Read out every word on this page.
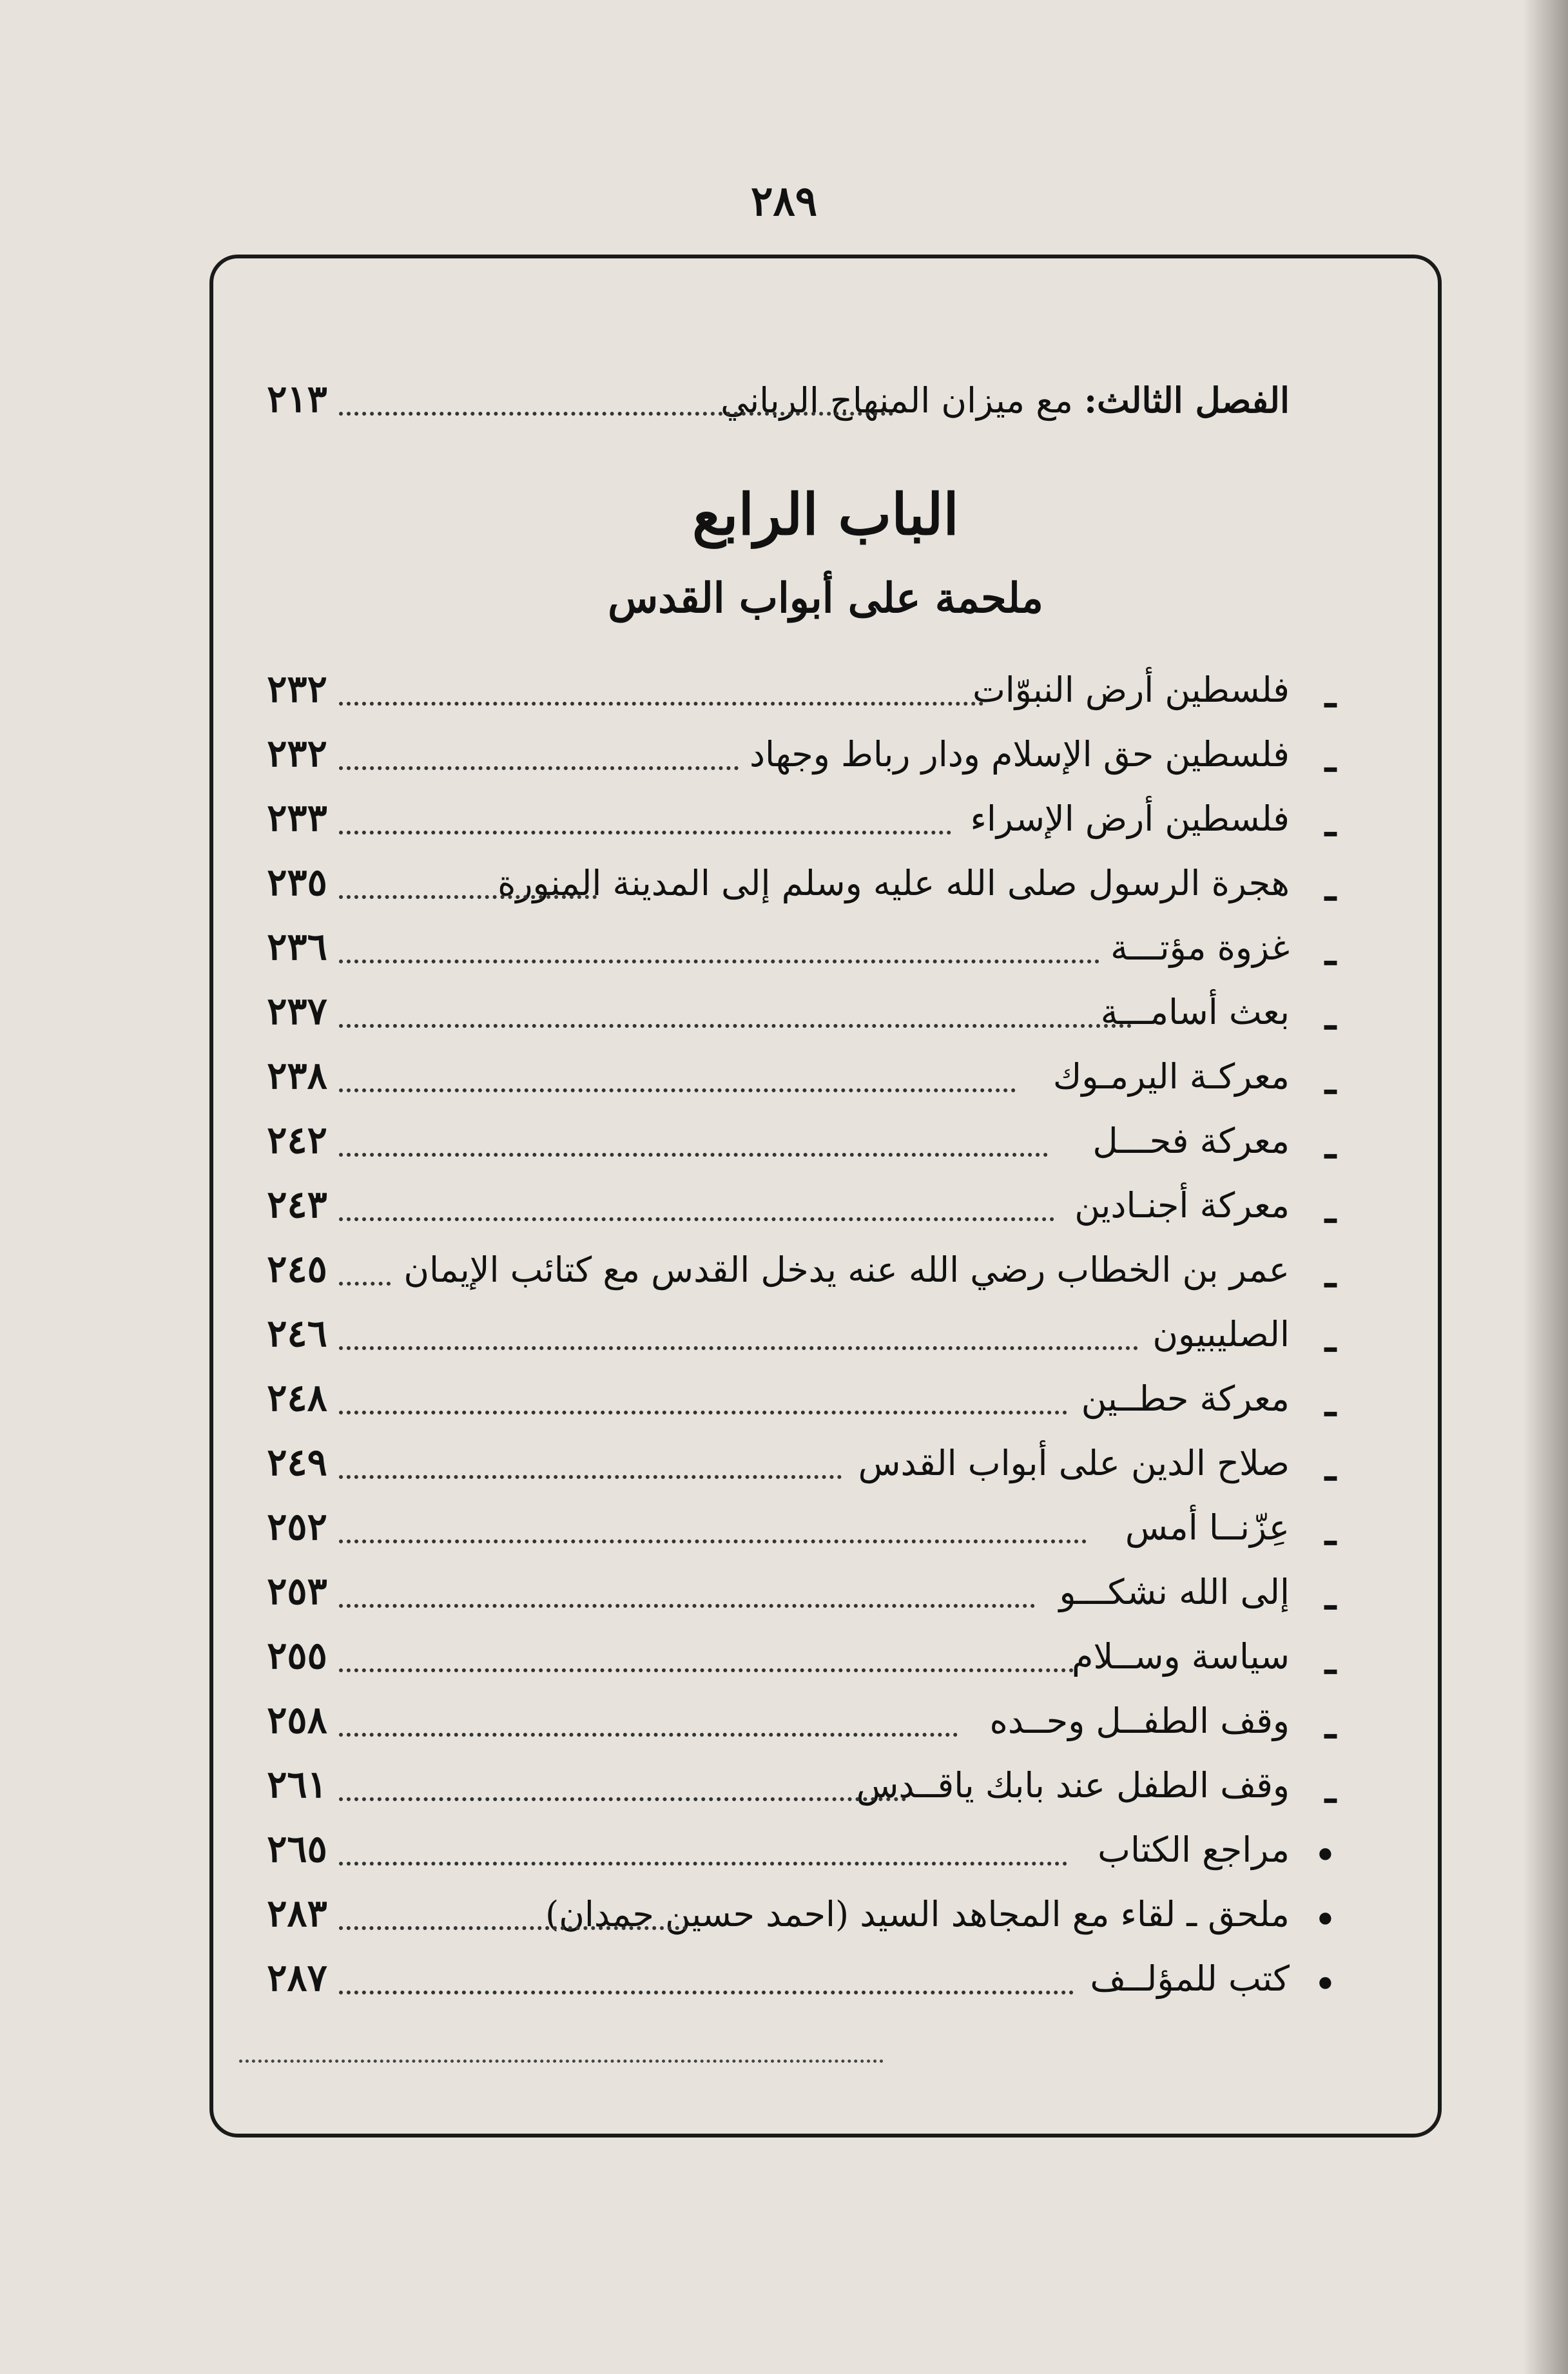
٢٨٩
الفصل الثالث: مع ميزان المنهاج الرباني
٢١٣
الباب الرابع
ملحمة على أبواب القدس
ـ
فلسطين أرض النبوّات
٢٣٢
ـ
فلسطين حق الإسلام ودار رباط وجهاد
٢٣٢
ـ
فلسطين أرض الإسراء
٢٣٣
ـ
هجرة الرسول صلى الله عليه وسلم إلى المدينة المنورة
٢٣٥
ـ
غزوة مؤتـــة
٢٣٦
ـ
بعث أسامـــة
٢٣٧
ـ
معركـة اليرمـوك
٢٣٨
ـ
معركة فحـــل
٢٤٢
ـ
معركة أجنـادين
٢٤٣
ـ
عمر بن الخطاب رضي الله عنه يدخل القدس مع كتائب الإيمان
٢٤٥
ـ
الصليبيون
٢٤٦
ـ
معركة حطــين
٢٤٨
ـ
صلاح الدين على أبواب القدس
٢٤٩
ـ
عِزّنــا أمس
٢٥٢
ـ
إلى الله نشكـــو
٢٥٣
ـ
سياسة وســلام
٢٥٥
ـ
وقف الطفــل وحــده
٢٥٨
ـ
وقف الطفل عند بابك ياقــدس
٢٦١
•
مراجع الكتاب
٢٦٥
•
ملحق ـ لقاء مع المجاهد السيد (احمد حسين حمدان)
٢٨٣
•
كتب للمؤلــف
٢٨٧
